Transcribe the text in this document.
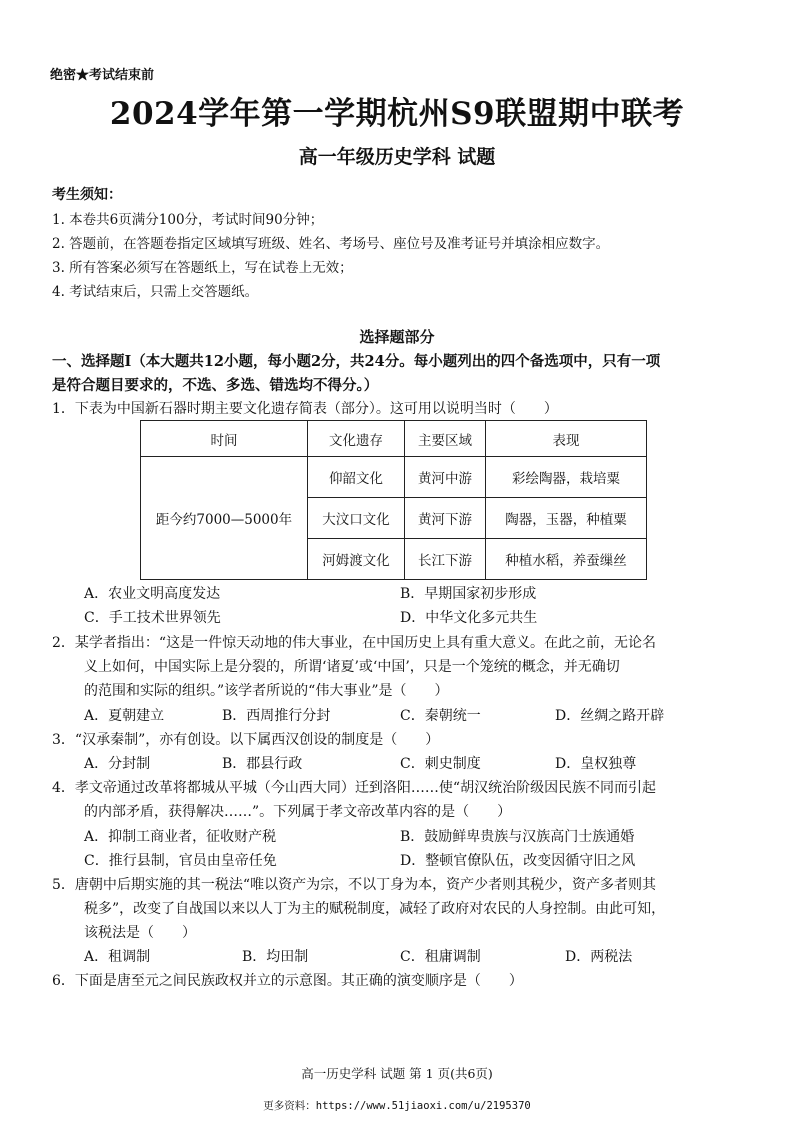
绝密★考试结束前
2024学年第一学期杭州S9联盟期中联考
高一年级历史学科 试题
考生须知：
1. 本卷共6页满分100分，考试时间90分钟；
2. 答题前，在答题卷指定区域填写班级、姓名、考场号、座位号及准考证号并填涂相应数字。
3. 所有答案必须写在答题纸上，写在试卷上无效；
4. 考试结束后，只需上交答题纸。
选择题部分
一、选择题Ⅰ（本大题共12小题，每小题2分，共24分。每小题列出的四个备选项中，只有一项
是符合题目要求的，不选、多选、错选均不得分。）
1．下表为中国新石器时期主要文化遗存简表（部分）。这可用以说明当时（　　）
时间	文化遗存	主要区域	表现
距今约7000—5000年	仰韶文化	黄河中游	彩绘陶器，栽培粟
	大汶口文化	黄河下游	陶器，玉器，种植粟
	河姆渡文化	长江下游	种植水稻，养蚕缫丝
A．农业文明高度发达	B．早期国家初步形成
C．手工技术世界领先	D．中华文化多元共生
2．某学者指出：“这是一件惊天动地的伟大事业，在中国历史上具有重大意义。在此之前，无论名
义上如何，中国实际上是分裂的，所谓‘诸夏’或‘中国’，只是一个笼统的概念，并无确切
的范围和实际的组织。”该学者所说的“伟大事业”是（　　）
A．夏朝建立	B．西周推行分封	C．秦朝统一	D．丝绸之路开辟
3．“汉承秦制”，亦有创设。以下属西汉创设的制度是（　　）
A．分封制	B．郡县行政	C．刺史制度	D．皇权独尊
4．孝文帝通过改革将都城从平城（今山西大同）迁到洛阳……使“胡汉统治阶级因民族不同而引起
的内部矛盾，获得解决……”。下列属于孝文帝改革内容的是（　　）
A．抑制工商业者，征收财产税	B．鼓励鲜卑贵族与汉族高门士族通婚
C．推行县制，官员由皇帝任免	D．整顿官僚队伍，改变因循守旧之风
5．唐朝中后期实施的其一税法“唯以资产为宗，不以丁身为本，资产少者则其税少，资产多者则其
税多”，改变了自战国以来以人丁为主的赋税制度，减轻了政府对农民的人身控制。由此可知，
该税法是（　　）
A．租调制	B．均田制	C．租庸调制	D．两税法
6．下面是唐至元之间民族政权并立的示意图。其正确的演变顺序是（　　）
高一历史学科 试题 第 1 页(共6页)
更多资料：https://www.51jiaoxi.com/u/2195370
